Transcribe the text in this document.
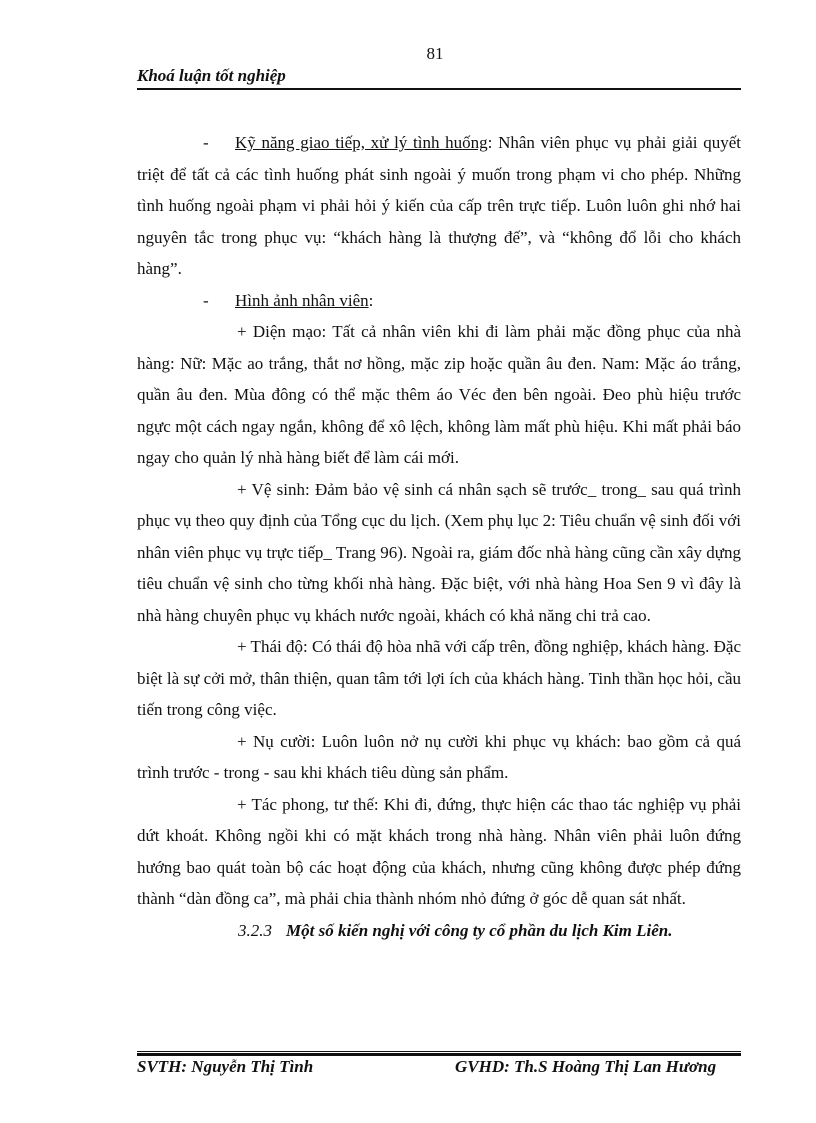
81
Khoá luận tốt nghiệp

- Kỹ năng giao tiếp, xử lý tình huống: Nhân viên phục vụ phải giải quyết triệt để tất cả các tình huống phát sinh ngoài ý muốn trong phạm vi cho phép. Những tình huống ngoài phạm vi phải hỏi ý kiến của cấp trên trực tiếp. Luôn luôn ghi nhớ hai nguyên tắc trong phục vụ: “khách hàng là thượng đế”, và “không đổ lỗi cho khách hàng”.

- Hình ảnh nhân viên:

+ Diện mạo: Tất cả nhân viên khi đi làm phải mặc đồng phục của nhà hàng: Nữ: Mặc ao trắng, thắt nơ hồng, mặc zip hoặc quần âu đen. Nam: Mặc áo trắng, quần âu đen. Mùa đông có thể mặc thêm áo Véc đen bên ngoài. Đeo phù hiệu trước ngực một cách ngay ngắn, không để xô lệch, không làm mất phù hiệu. Khi mất phải báo ngay cho quản lý nhà hàng biết để làm cái mới.

+ Vệ sinh: Đảm bảo vệ sinh cá nhân sạch sẽ trước_ trong_ sau quá trình phục vụ theo quy định của Tổng cục du lịch. (Xem phụ lục 2: Tiêu chuẩn vệ sinh đối với nhân viên phục vụ trực tiếp_ Trang 96). Ngoài ra, giám đốc nhà hàng cũng cần xây dựng tiêu chuẩn vệ sinh cho từng khối nhà hàng. Đặc biệt, với nhà hàng Hoa Sen 9 vì đây là nhà hàng chuyên phục vụ khách nước ngoài, khách có khả năng chi trả cao.

+ Thái độ: Có thái độ hòa nhã với cấp trên, đồng nghiệp, khách hàng. Đặc biệt là sự cởi mở, thân thiện, quan tâm tới lợi ích của khách hàng. Tinh thần học hỏi, cầu tiến trong công việc.

+ Nụ cười: Luôn luôn nở nụ cười khi phục vụ khách: bao gồm cả quá trình trước - trong - sau khi khách tiêu dùng sản phẩm.

+ Tác phong, tư thế: Khi đi, đứng, thực hiện các thao tác nghiệp vụ phải dứt khoát. Không ngồi khi có mặt khách trong nhà hàng. Nhân viên phải luôn đứng hướng bao quát toàn bộ các hoạt động của khách, nhưng cũng không được phép đứng thành “dàn đồng ca”, mà phải chia thành nhóm nhỏ đứng ở góc dễ quan sát nhất.

3.2.3 Một số kiến nghị với công ty cổ phần du lịch Kim Liên.

SVTH: Nguyễn Thị Tình	GVHD: Th.S Hoàng Thị Lan Hương
